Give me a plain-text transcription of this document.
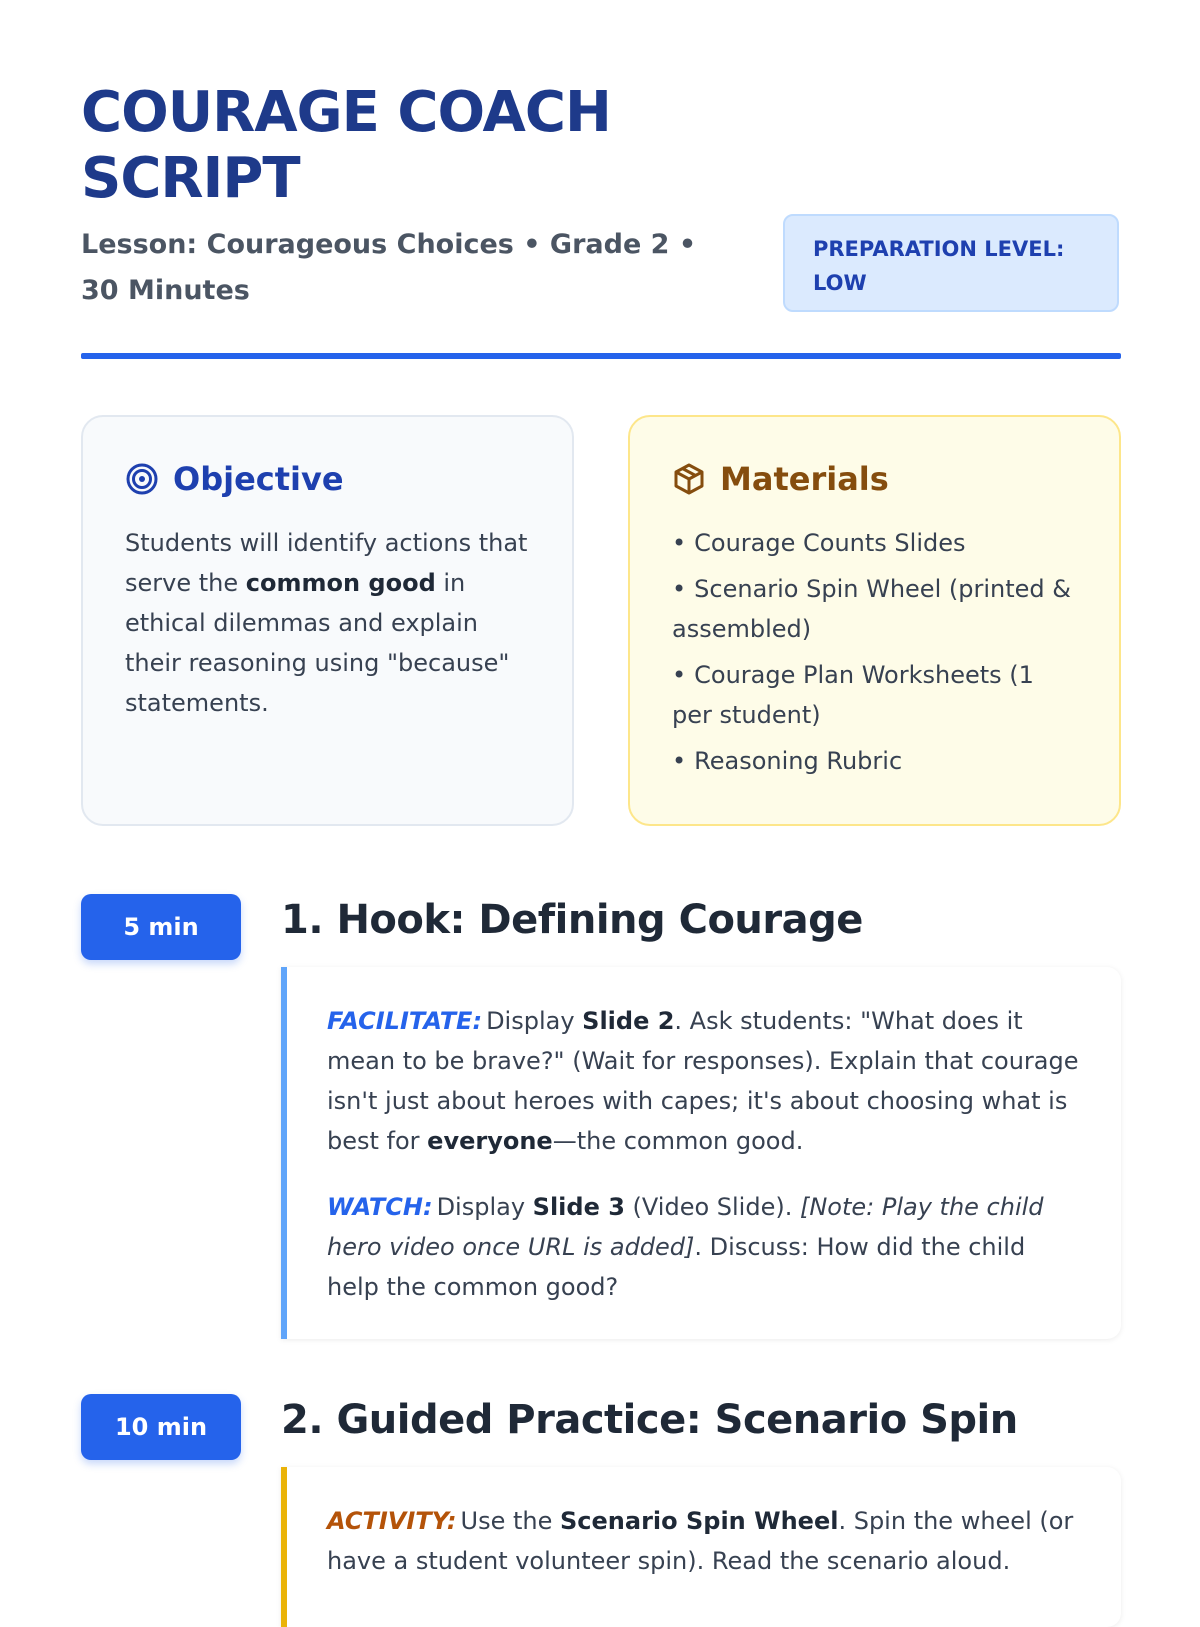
COURAGE COACH SCRIPT
Lesson: Courageous Choices • Grade 2 • 30 Minutes
PREPARATION LEVEL: LOW
Objective
Students will identify actions that serve the common good in ethical dilemmas and explain their reasoning using "because" statements.
Materials
• Courage Counts Slides
• Scenario Spin Wheel (printed & assembled)
• Courage Plan Worksheets (1 per student)
• Reasoning Rubric
5 min	1. Hook: Defining Courage

FACILITATE: Display Slide 2. Ask students: "What does it mean to be brave?" (Wait for responses). Explain that courage isn't just about heroes with capes; it's about choosing what is best for everyone—the common good.

WATCH: Display Slide 3 (Video Slide). [Note: Play the child hero video once URL is added]. Discuss: How did the child help the common good?

10 min	2. Guided Practice: Scenario Spin

ACTIVITY: Use the Scenario Spin Wheel. Spin the wheel (or have a student volunteer spin). Read the scenario aloud.
